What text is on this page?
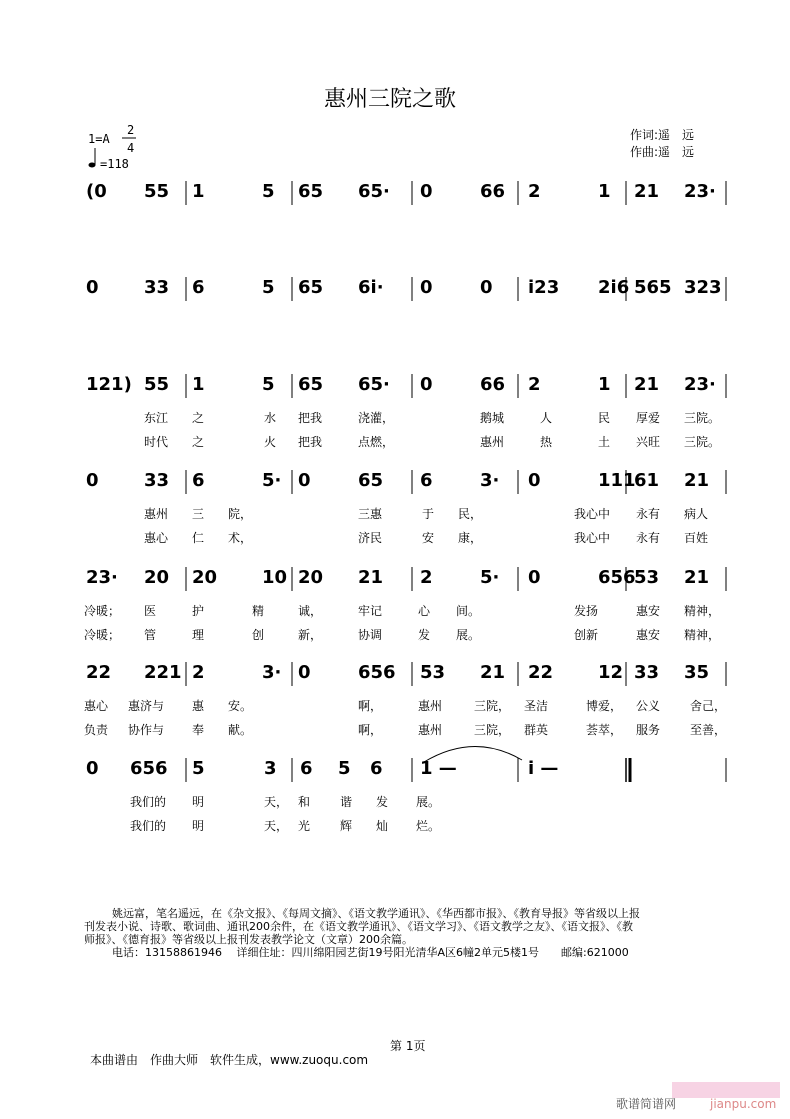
惠州三院之歌
1=A
2
4
=118
作词:遥　远
作曲:遥　远
(0 55 1	5 65 65· 0	66 2	1 21 23·
0	33 6	5 65 6i· 0	0 i23 2i6 565 323
121) 55 1	5 65 65· 0	66 2	1 21 23·
东江 之	水 把我	浇灌，	鹅城	人	民 厚爱 三院。
时代 之	火 把我	点燃，	惠州	热	土 兴旺 三院。
0	33 6	5· 0	65 6	3· 0	111
61 21
惠州 三 院，	三惠	于 民，	我心中 永有 病人
惠心 仁 术，	济民	安 康，	我心中 永有 百姓
23· 20 20 10 20 21 2	5· 0	656
53 21
冷暖； 医	护	精	诚，	牢记	心 间。	发扬	惠安 精神，
冷暖； 管	理	创	新，	协调	发 展。	创新	惠安 精神，
22 221 2	3· 0	656 53 21 22 12 33 35
惠心 惠济与 惠 安。	啊，	惠州	三院， 圣洁	博爱， 公义 舍己，
负责 协作与 奉 献。	啊，	惠州	三院， 群英	荟萃， 服务 至善，
0 656 5	3 6 5 6 1 —	i —
我们的 明	天， 和 谐 发 展。
我们的 明	天， 光 辉 灿 烂。
姚远富，笔名遥远，在《杂文报》、《每周文摘》、《语文教学通讯》、《华西都市报》、《教育导报》等省级以上报
刊发表小说、诗歌、歌词曲、通讯200余件，在《语文教学通讯》、《语文学习》、《语文教学之友》、《语文报》、《教
师报》、《德育报》等省级以上报刊发表教学论文（文章）200余篇。
电话：13158861946　 详细住址：四川绵阳园艺街19号阳光清华A区6幢2单元5楼1号　　邮编:621000
第 1页
本曲谱由　作曲大师　软件生成，www.zuoqu.com
歌谱简谱网	jianpu.com
